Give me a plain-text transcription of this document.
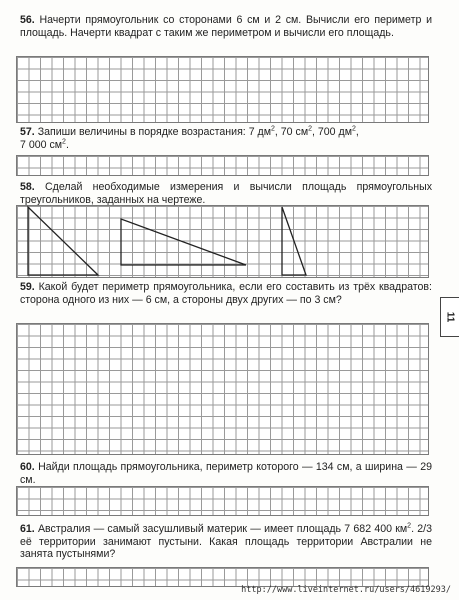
56. Начерти прямоугольник со сторонами 6 см и 2 см. Вычисли его периметр и площадь. Начерти квадрат с таким же периметром и вычисли его площадь.
57. Запиши величины в порядке возрастания: 7 $дм^2$, 70 $см^2$, 700 $дм^2$,
7 000 $см^2$.
58. Сделай необходимые измерения и вычисли площадь прямоугольных треугольников, заданных на чертеже.
59. Какой будет периметр прямоугольника, если его составить из трёх квадратов: сторона одного из них — 6 см, а стороны двух других — по 3 см?
60. Найди площадь прямоугольника, периметр которого — 134 см, а ширина — 29 см.
61. Австралия — самый засушливый материк — имеет площадь 7 682 400 $км^2$. 2/3 её территории занимают пустыни. Какая площадь территории Австралии не занята пустынями?
11
http://www.liveinternet.ru/users/4619293/
